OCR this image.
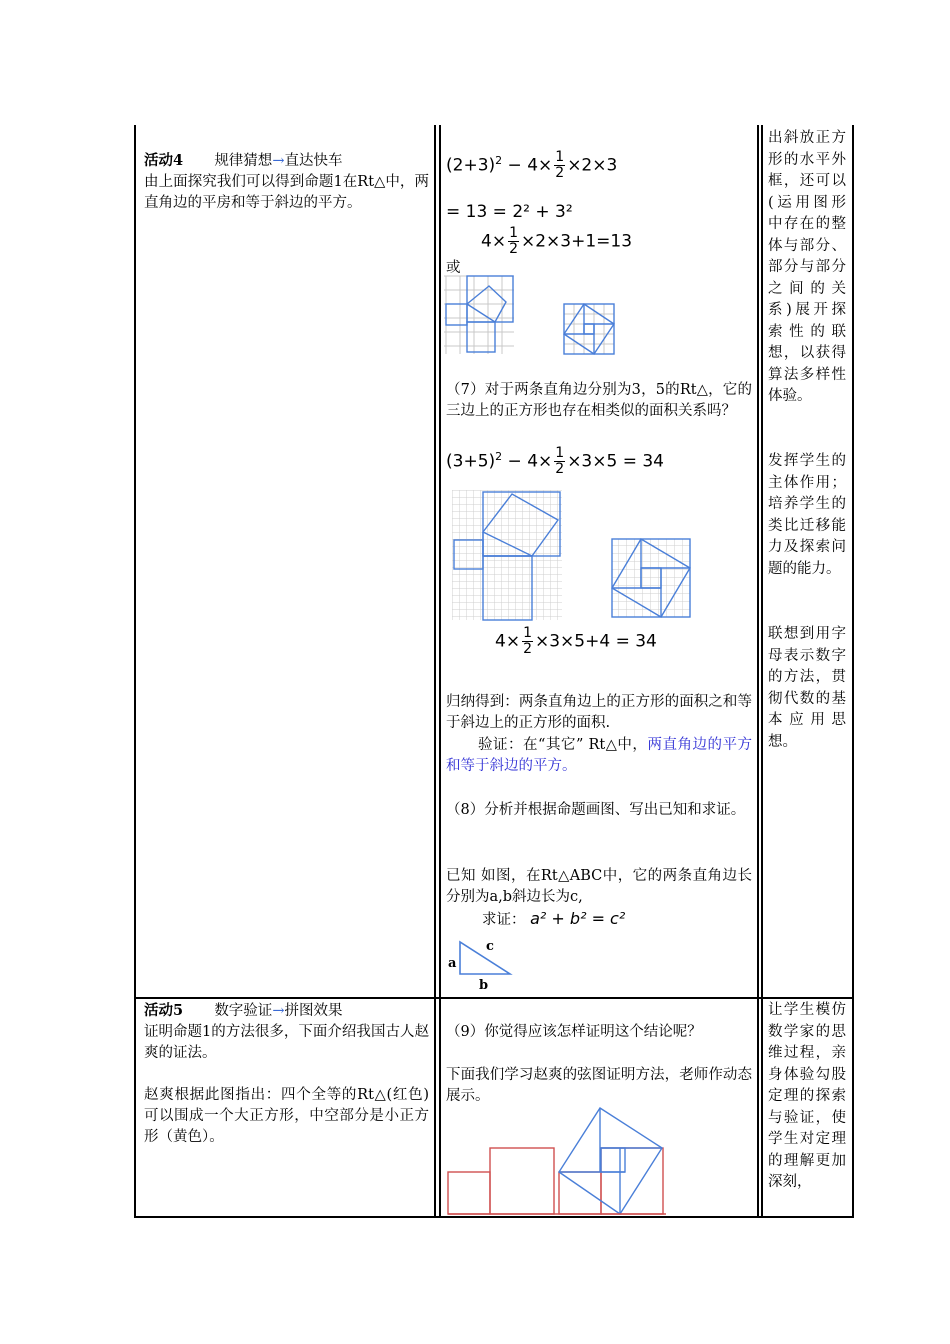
活动4 规律猜想→直达快车

由上面探究我们可以得到命题1在Rt△中，两直角边的平房和等于斜边的平方。

$(2+3)^2 - 4\times \frac{1}{2} \times 2\times 3$
= 13 = 2² + 3²
$4\times \frac{1}{2} \times 2\times 3+1=13$
或
（7）对于两条直角边分别为3，5的Rt△，它的三边上的正方形也存在相类似的面积关系吗？
$(3+5)^2 - 4\times \frac{1}{2} \times 3\times 5 = 34$
$4\times \frac{1}{2} \times 3\times 5+4 = 34$
归纳得到：两条直角边上的正方形的面积之和等于斜边上的正方形的面积.
验证：在“其它” Rt△中，两直角边的平方和等于斜边的平方。
（8）分析并根据命题画图、写出已知和求证。
已知 如图，在Rt△ABC中，它的两条直角边长分别为a,b斜边长为c,
求证： a² + b² = c²
a
c
b
出斜放正方形的水平外框，还可以(运用图形中存在的整体与部分、部分与部分之间的关系)展开探索性的联想，以获得算法多样性体验。
发挥学生的主体作用；培养学生的类比迁移能力及探索问题的能力。
联想到用字母表示数字的方法，贯彻代数的基本应用思想。

活动5 数字验证→拼图效果

证明命题1的方法很多，下面介绍我国古人赵爽的证法。

赵爽根据此图指出：四个全等的Rt△(红色)可以围成一个大正方形，中空部分是小正方形（黄色）。

（9）你觉得应该怎样证明这个结论呢？
下面我们学习赵爽的弦图证明方法，老师作动态展示。
让学生模仿数学家的思维过程，亲身体验勾股定理的探索与验证，使学生对定理的理解更加深刻，
